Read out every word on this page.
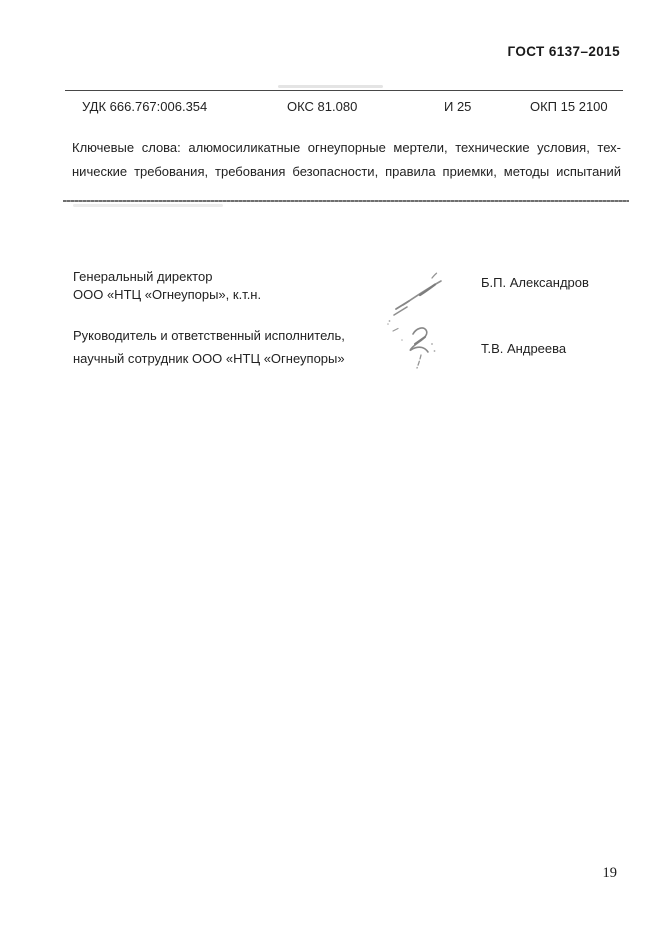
ГОСТ 6137–2015
УДК 666.767:006.354	ОКС 81.080	И 25	ОКП 15 2100
Ключевые слова: алюмосиликатные огнеупорные мертели, технические условия, тех-
нические требования, требования безопасности, правила приемки, методы испытаний
Генеральный директор
ООО «НТЦ «Огнеупоры», к.т.н.
Б.П. Александров
Руководитель и ответственный исполнитель,
научный сотрудник ООО «НТЦ «Огнеупоры»
Т.В. Андреева
19
